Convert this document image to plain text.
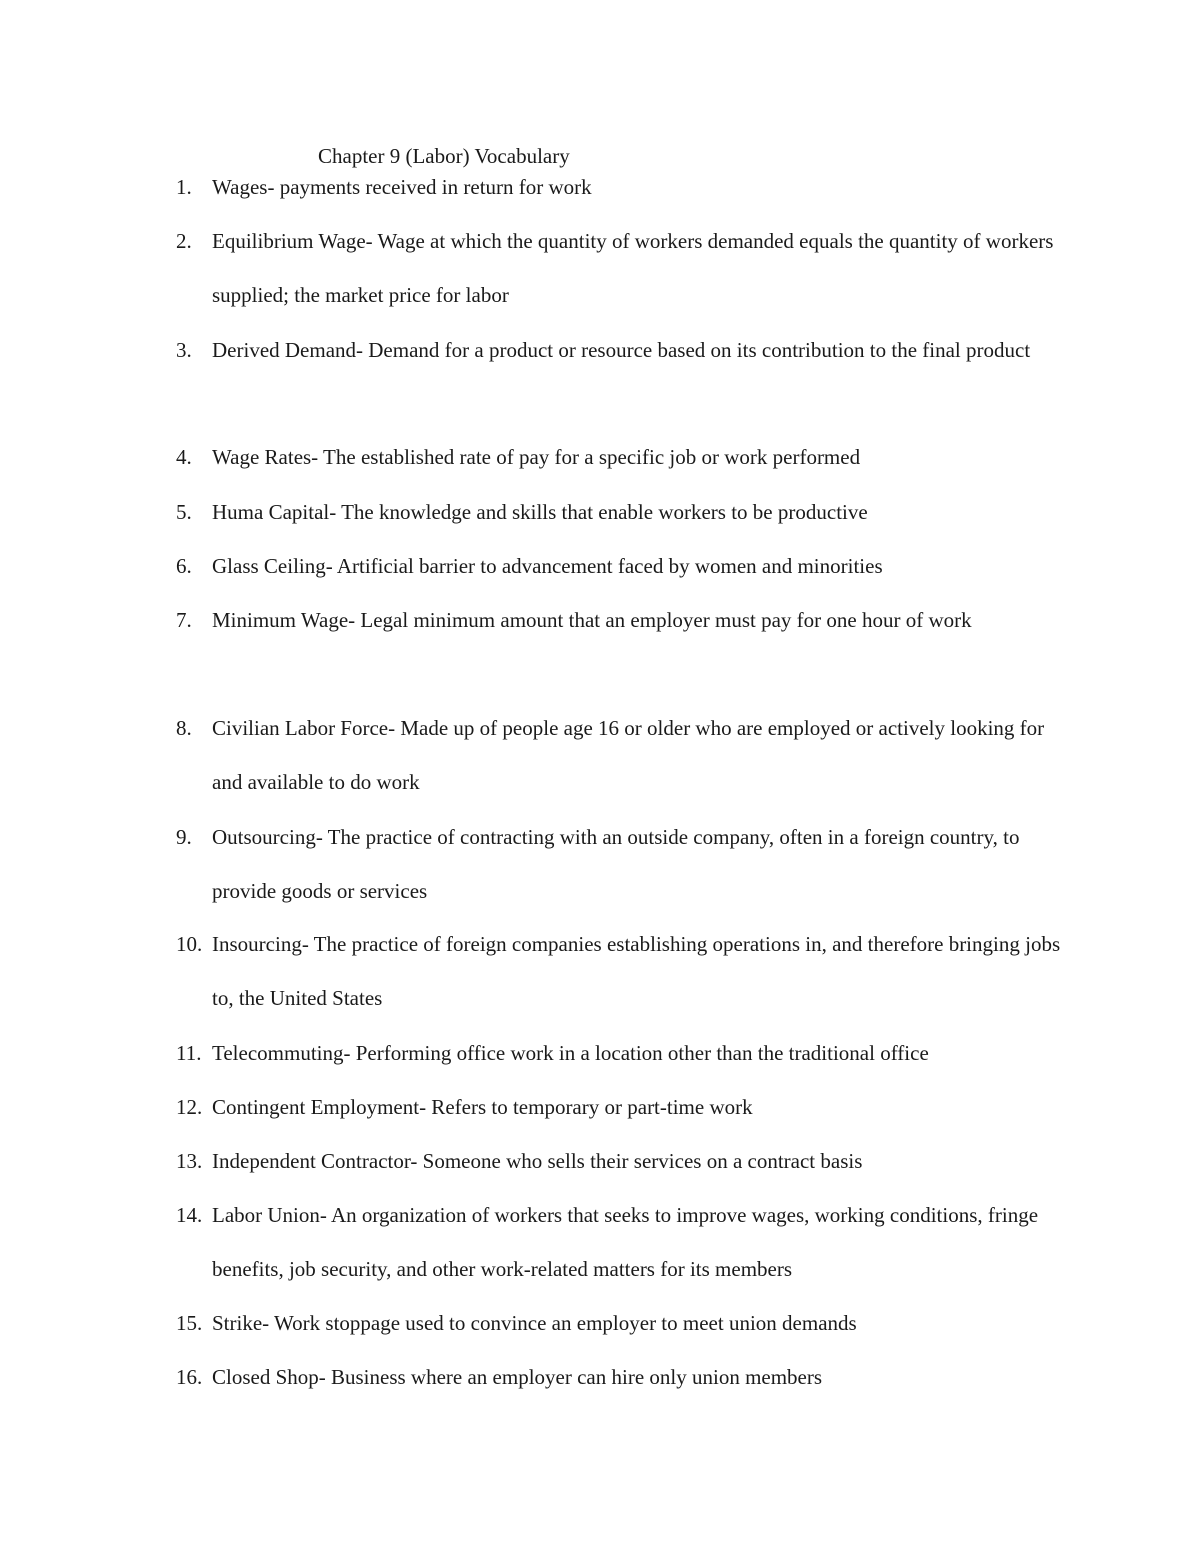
Chapter 9 (Labor) Vocabulary
1. Wages- payments received in return for work
2. Equilibrium Wage- Wage at which the quantity of workers demanded equals the quantity of workers supplied; the market price for labor
3. Derived Demand- Demand for a product or resource based on its contribution to the final product
4. Wage Rates- The established rate of pay for a specific job or work performed
5. Huma Capital- The knowledge and skills that enable workers to be productive
6. Glass Ceiling- Artificial barrier to advancement faced by women and minorities
7. Minimum Wage- Legal minimum amount that an employer must pay for one hour of work
8. Civilian Labor Force- Made up of people age 16 or older who are employed or actively looking for and available to do work
9. Outsourcing- The practice of contracting with an outside company, often in a foreign country, to provide goods or services
10. Insourcing- The practice of foreign companies establishing operations in, and therefore bringing jobs to, the United States
11. Telecommuting- Performing office work in a location other than the traditional office
12. Contingent Employment- Refers to temporary or part-time work
13. Independent Contractor- Someone who sells their services on a contract basis
14. Labor Union- An organization of workers that seeks to improve wages, working conditions, fringe benefits, job security, and other work-related matters for its members
15. Strike- Work stoppage used to convince an employer to meet union demands
16. Closed Shop- Business where an employer can hire only union members
